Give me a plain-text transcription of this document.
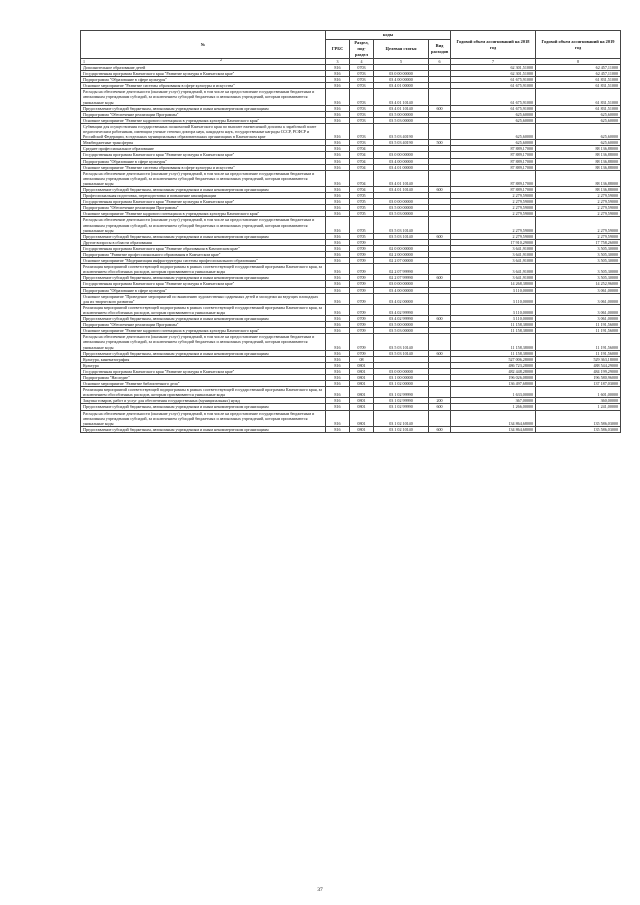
№	коды				Годовой объем ассигнований на 2018 год	Годовой объем ассигнований на 2019 год
	ГРБС	Раздел, под-раздел	Целевая статья	Вид расходов		
1	3	4	5	6	7	8
Дополнительное образование детей	816	0703			62 301,51000	62 457,11000
Государственная программа Камчатского края "Развитие культуры в Камчатском крае"	816	0703	03 0 00 00000		62 301,51000	62 457,11000
Подпрограмма "Образование в сфере культуры"	816	0703	03 4 00 00000		61 675,91000	61 831,51000
Основное мероприятие "Развитие системы образования в сфере культуры и искусства"	816	0703	03 4 01 00000		61 675,91000	61 831,51000
Расходы на обеспечение деятельности (оказание услуг) учреждений, в том числе на предоставление государственным бюджетным и автономным учреждениям субсидий, за исключением субсидий бюджетных и автономных учреждений, которым присваиваются уникальные коды	816	0703	03 4 01 10140		61 675,91000	61 831,51000
Предоставление субсидий бюджетным, автономным учреждениям и иным некоммерческим организациям	816	0703	03 4 01 10140	600	61 675,91000	61 831,51000
Подпрограмма "Обеспечение реализации Программы"	816	0703	03 5 00 00000		625,60000	625,60000
Основное мероприятие "Развитие кадрового потенциала в учреждениях культуры Камчатского края"	816	0703	03 5 03 00000		625,60000	625,60000
Субвенции для осуществления государственных полномочий Камчатского края по выплате ежемесячной доплаты к заработной плате педагогическим работникам, имеющим ученые степени доктора наук, кандидата наук, государственные награды СССР, РСФСР и Российской Федерации, в отдельных муниципальных образовательных организациях в Камчатском крае	816	0703	03 5 03 40190		625,60000	625,60000
Межбюджетные трансферты	816	0703	03 5 03 40190	500	625,60000	625,60000
Среднее профессиональное образование	816	0704			87 889,17000	88 136,88000
Государственная программа Камчатского края "Развитие культуры в Камчатском крае"	816	0704	03 0 00 00000		87 889,17000	88 136,88000
Подпрограмма "Образование в сфере культуры"	816	0704	03 4 00 00000		87 889,17000	88 136,88000
Основное мероприятие "Развитие системы образования в сфере культуры и искусства"	816	0704	03 4 01 00000		87 889,17000	88 136,88000
Расходы на обеспечение деятельности (оказание услуг) учреждений, в том числе на предоставление государственным бюджетным и автономным учреждениям субсидий, за исключением субсидий бюджетных и автономных учреждений, которым присваиваются уникальные коды	816	0704	03 4 01 10140		87 889,17000	88 136,88000
Предоставление субсидий бюджетным, автономным учреждениям и иным некоммерческим организациям	816	0704	03 4 01 10140	600	87 889,17000	88 136,88000
Профессиональная подготовка, переподготовка и повышение квалификации	816	0705			2 279,59000	2 279,59000
Государственная программа Камчатского края "Развитие культуры в Камчатском крае"	816	0705	03 0 00 00000		2 279,59000	2 279,59000
Подпрограмма "Обеспечение реализации Программы"	816	0705	03 5 00 00000		2 279,59000	2 279,59000
Основное мероприятие "Развитие кадрового потенциала в учреждениях культуры Камчатского края"	816	0705	03 5 03 00000		2 279,59000	2 279,59000
Расходы на обеспечение деятельности (оказание услуг) учреждений, в том числе на предоставление государственным бюджетным и автономным учреждениям субсидий, за исключением субсидий бюджетных и автономных учреждений, которым присваиваются уникальные коды	816	0705	03 5 03 10140		2 279,59000	2 279,59000
Предоставление субсидий бюджетным, автономным учреждениям и иным некоммерческим организациям	816	0705	03 5 03 10140	600	2 279,59000	2 279,59000
Другие вопросы в области образования	816	0709			17 910,29000	17 758,26000
Государственная программа Камчатского края "Развитие образования в Камчатском крае"	816	0709	02 0 00 00000		3 641,91000	3 505,30000
Подпрограмма "Развитие профессионального образования в Камчатском крае"	816	0709	02 2 00 00000		3 641,91000	3 505,30000
Основное мероприятие "Модернизация инфраструктуры системы профессионального образования"	816	0709	02 2 07 00000		3 641,91000	3 505,30000
Реализация мероприятий соответствующей подпрограммы в рамках соответствующей государственной программы Камчатского края, за исключением обособленных расходов, которым присваиваются уникальные коды	816	0709	02 2 07 99990		3 641,91000	3 505,30000
Предоставление субсидий бюджетным, автономным учреждениям и иным некоммерческим организациям	816	0709	02 2 07 99990	600	3 641,91000	3 505,30000
Государственная программа Камчатского края "Развитие культуры в Камчатском крае"	816	0709	03 0 00 00000		14 268,38000	14 252,96000
Подпрограмма "Образование в сфере культуры"	816	0709	03 4 00 00000		3 110,00000	3 061,00000
Основное мероприятие "Проведение мероприятий по выявлению художественно одаренных детей и молодежи на ведущих площадках для их творческого развития"	816	0709	03 4 02 00000		3 110,00000	3 061,00000
Реализация мероприятий соответствующей подпрограммы в рамках соответствующей государственной программы Камчатского края, за исключением обособленных расходов, которым присваиваются уникальные коды	816	0709	03 4 02 99990		3 110,00000	3 061,00000
Предоставление субсидий бюджетным, автономным учреждениям и иным некоммерческим организациям	816	0709	03 4 02 99990	600	3 110,00000	3 061,00000
Подпрограмма "Обеспечение реализации Программы"	816	0709	03 5 00 00000		11 158,38000	11 191,56000
Основное мероприятие "Развитие кадрового потенциала в учреждениях культуры Камчатского края"	816	0709	03 5 03 00000		11 158,38000	11 191,56000
Расходы на обеспечение деятельности (оказание услуг) учреждений, в том числе на предоставление государственным бюджетным и автономным учреждениям субсидий, за исключением субсидий бюджетных и автономных учреждений, которым присваиваются уникальные коды	816	0709	03 5 03 10140		11 158,38000	11 191,56000
Предоставление субсидий бюджетным, автономным учреждениям и иным некоммерческим организациям	816	0709	03 5 03 10140	600	11 158,38000	11 191,56000
Культура, кинематография	816	08			527 006,28000	529 363,18000
Культура	816	0801			486 723,28000	488 544,29000
Государственная программа Камчатского края "Развитие культуры в Камчатском крае"	816	0801	03 0 00 00000		482 448,28000	484 199,29000
Подпрограмма "Наследие"	816	0801	03 1 00 00000		196 026,08000	196 580,96000
Основное мероприятие "Развитие библиотечного дела"	816	0801	03 1 02 00000		136 497,68000	137 187,03000
Реализация мероприятий соответствующей подпрограммы в рамках соответствующей государственной программы Камчатского края, за исключением обособленных расходов, которым присваиваются уникальные коды	816	0801	03 1 02 99990		1 633,00000	1 601,00000
Закупка товаров, работ и услуг для обеспечения государственных (муниципальных) нужд	816	0801	03 1 02 99990	200	367,00000	360,00000
Предоставление субсидий бюджетным, автономным учреждениям и иным некоммерческим организациям	816	0801	03 1 02 99990	600	1 266,00000	1 241,00000
Расходы на обеспечение деятельности (оказание услуг) учреждений, в том числе на предоставление государственным бюджетным и автономным учреждениям субсидий, за исключением субсидий бюджетных и автономных учреждений, которым присваиваются уникальные коды	816	0801	03 1 02 10140		134 864,68000	135 586,03000
Предоставление субсидий бюджетным, автономным учреждениям и иным некоммерческим организациям	816	0801	03 1 02 10140	600	134 864,68000	135 586,03000
2
37
